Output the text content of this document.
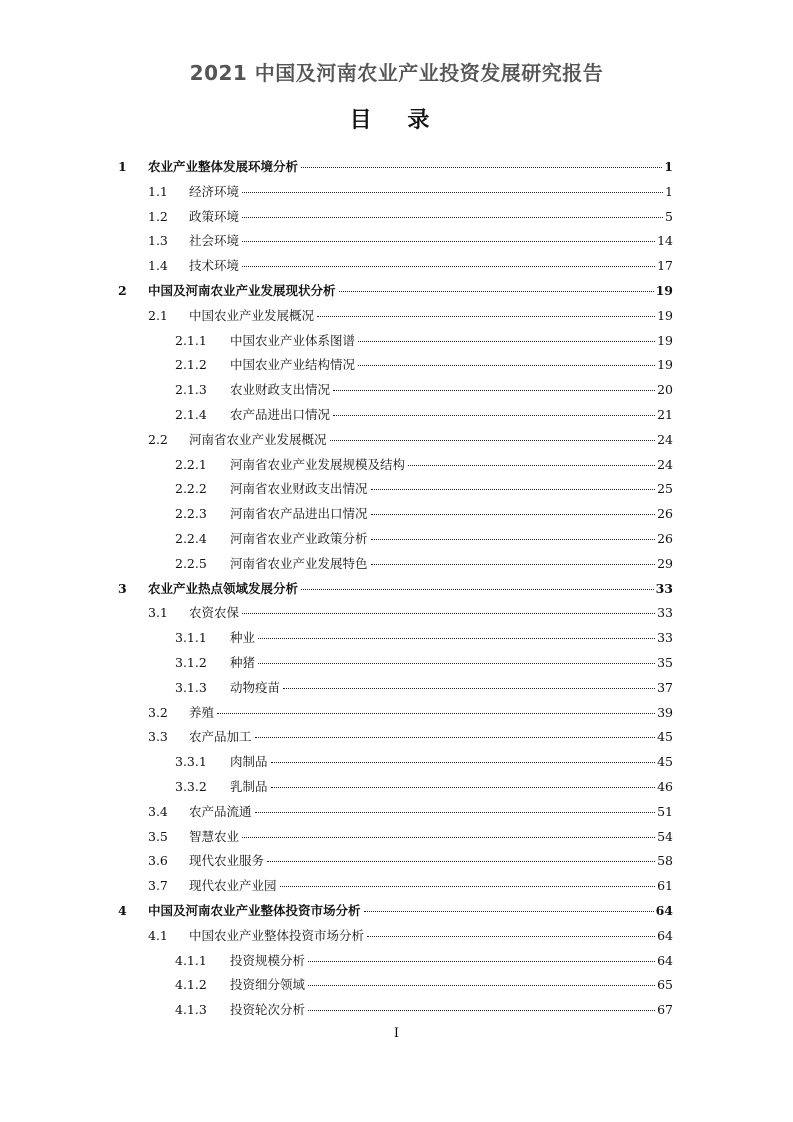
2021 中国及河南农业产业投资发展研究报告
目 录
1 农业产业整体发展环境分析	1
1.1 经济环境	1
1.2 政策环境	5
1.3 社会环境	14
1.4 技术环境	17
2 中国及河南农业产业发展现状分析	19
2.1 中国农业产业发展概况	19
2.1.1 中国农业产业体系图谱	19
2.1.2 中国农业产业结构情况	19
2.1.3 农业财政支出情况	20
2.1.4 农产品进出口情况	21
2.2 河南省农业产业发展概况	24
2.2.1 河南省农业产业发展规模及结构	24
2.2.2 河南省农业财政支出情况	25
2.2.3 河南省农产品进出口情况	26
2.2.4 河南省农业产业政策分析	26
2.2.5 河南省农业产业发展特色	29
3 农业产业热点领域发展分析	33
3.1 农资农保	33
3.1.1 种业	33
3.1.2 种猪	35
3.1.3 动物疫苗	37
3.2 养殖	39
3.3 农产品加工	45
3.3.1 肉制品	45
3.3.2 乳制品	46
3.4 农产品流通	51
3.5 智慧农业	54
3.6 现代农业服务	58
3.7 现代农业产业园	61
4 中国及河南农业产业整体投资市场分析	64
4.1 中国农业产业整体投资市场分析	64
4.1.1 投资规模分析	64
4.1.2 投资细分领域	65
4.1.3 投资轮次分析	67
I
